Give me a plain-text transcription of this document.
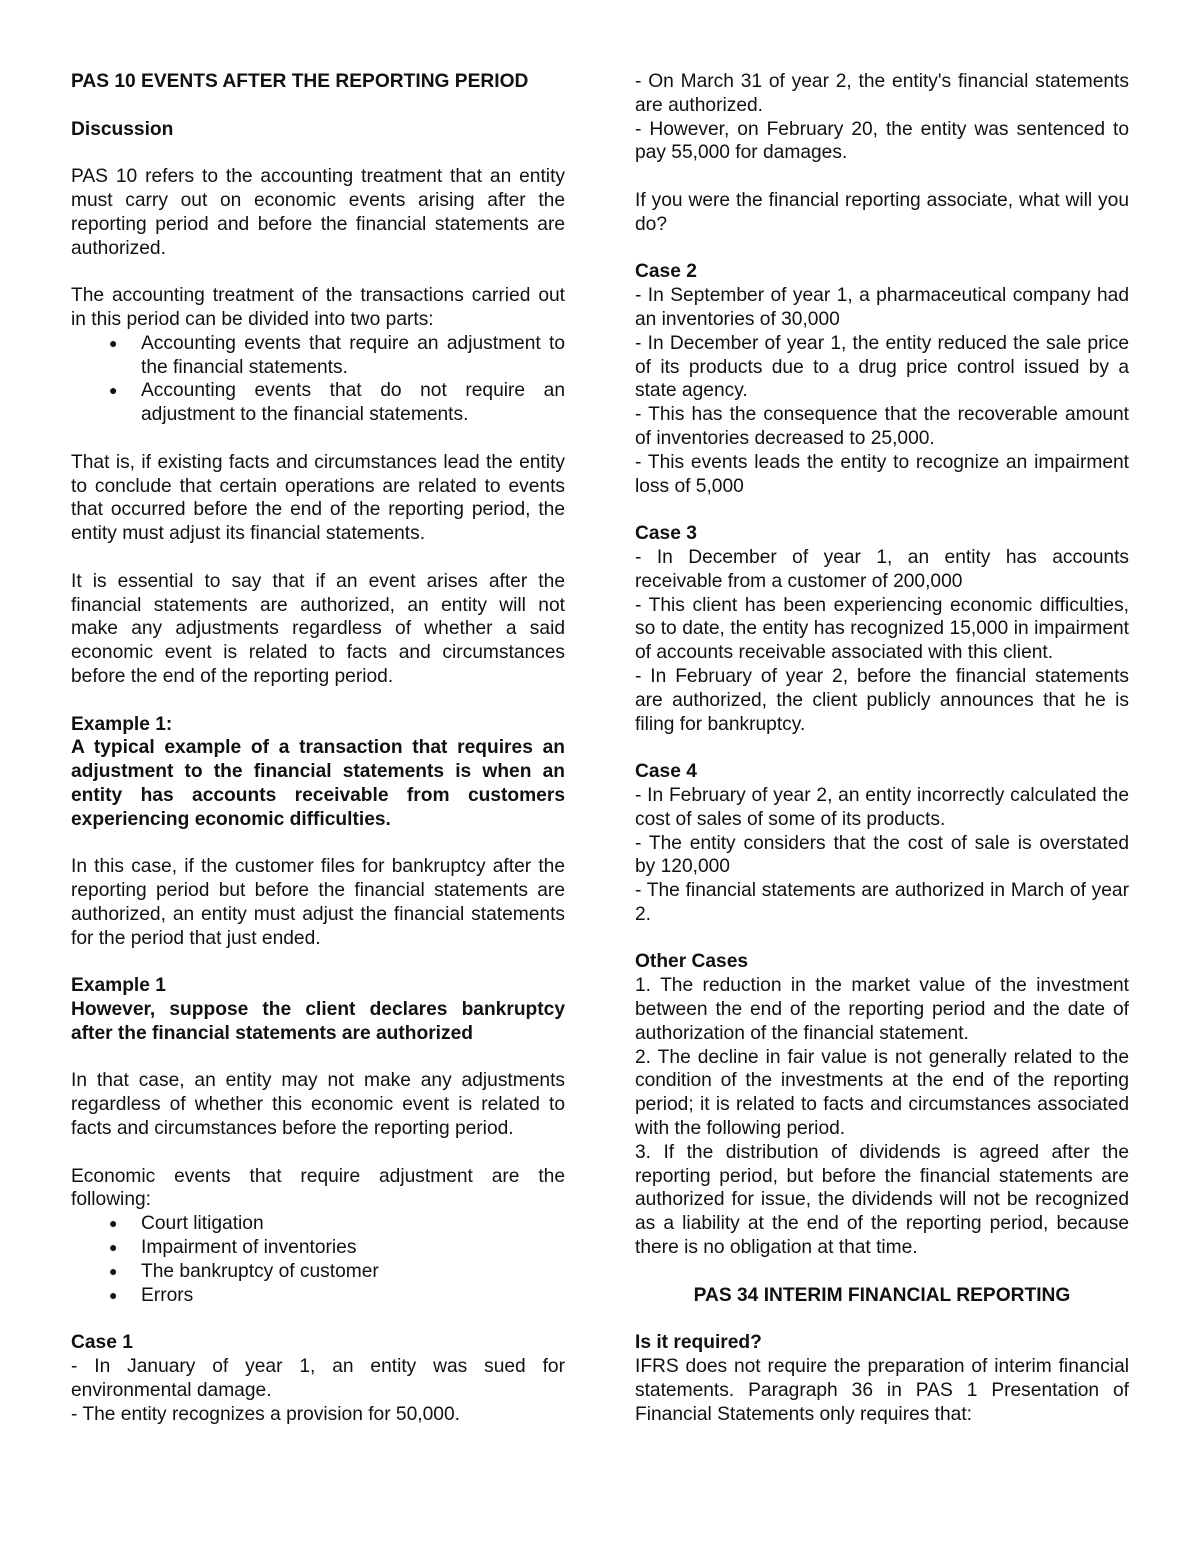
PAS 10 EVENTS AFTER THE REPORTING PERIOD

Discussion

PAS 10 refers to the accounting treatment that an entity must carry out on economic events arising after the reporting period and before the financial statements are authorized.

The accounting treatment of the transactions carried out in this period can be divided into two parts:

● Accounting events that require an adjustment to the financial statements.
● Accounting events that do not require an adjustment to the financial statements.

That is, if existing facts and circumstances lead the entity to conclude that certain operations are related to events that occurred before the end of the reporting period, the entity must adjust its financial statements.

It is essential to say that if an event arises after the financial statements are authorized, an entity will not make any adjustments regardless of whether a said economic event is related to facts and circumstances before the end of the reporting period.

Example 1:

A typical example of a transaction that requires an adjustment to the financial statements is when an entity has accounts receivable from customers experiencing economic difficulties.

In this case, if the customer files for bankruptcy after the reporting period but before the financial statements are authorized, an entity must adjust the financial statements for the period that just ended.

Example 1

However, suppose the client declares bankruptcy after the financial statements are authorized

In that case, an entity may not make any adjustments regardless of whether this economic event is related to facts and circumstances before the reporting period.

Economic events that require adjustment are the following:

● Court litigation
● Impairment of inventories
● The bankruptcy of customer
● Errors

Case 1

- In January of year 1, an entity was sued for environmental damage.

- The entity recognizes a provision for 50,000.

- On March 31 of year 2, the entity's financial statements are authorized.

- However, on February 20, the entity was sentenced to pay 55,000 for damages.

If you were the financial reporting associate, what will you do?

Case 2

- In September of year 1, a pharmaceutical company had an inventories of 30,000

- In December of year 1, the entity reduced the sale price of its products due to a drug price control issued by a state agency.

- This has the consequence that the recoverable amount of inventories decreased to 25,000.

- This events leads the entity to recognize an impairment loss of 5,000

Case 3

- In December of year 1, an entity has accounts receivable from a customer of 200,000

- This client has been experiencing economic difficulties, so to date, the entity has recognized 15,000 in impairment of accounts receivable associated with this client.

- In February of year 2, before the financial statements are authorized, the client publicly announces that he is filing for bankruptcy.

Case 4

- In February of year 2, an entity incorrectly calculated the cost of sales of some of its products.

- The entity considers that the cost of sale is overstated by 120,000

- The financial statements are authorized in March of year 2.

Other Cases

1. The reduction in the market value of the investment between the end of the reporting period and the date of authorization of the financial statement.

2. The decline in fair value is not generally related to the condition of the investments at the end of the reporting period; it is related to facts and circumstances associated with the following period.

3. If the distribution of dividends is agreed after the reporting period, but before the financial statements are authorized for issue, the dividends will not be recognized as a liability at the end of the reporting period, because there is no obligation at that time.

PAS 34 INTERIM FINANCIAL REPORTING

Is it required?

IFRS does not require the preparation of interim financial statements. Paragraph 36 in PAS 1 Presentation of Financial Statements only requires that:
